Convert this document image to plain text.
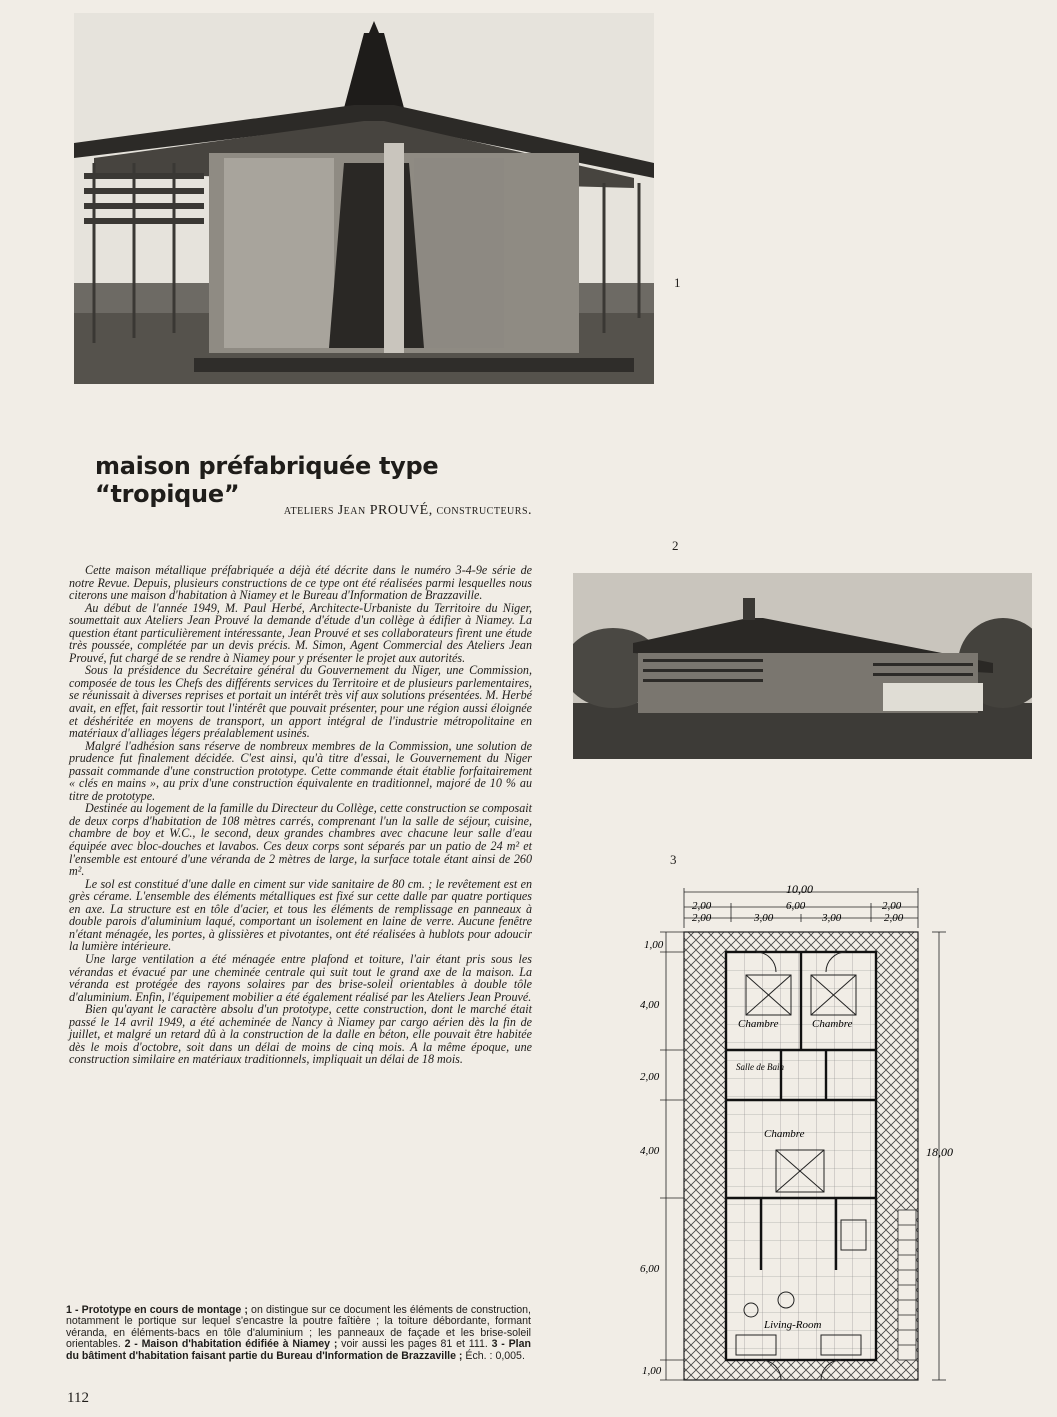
1
maison préfabriquée type “tropique”
ateliers Jean PROUVÉ, constructeurs.
2

Cette maison métallique préfabriquée a déjà été décrite dans le numéro 3-4-9e série de notre Revue. Depuis, plusieurs constructions de ce type ont été réalisées parmi lesquelles nous citerons une maison d'habitation à Niamey et le Bureau d'Information de Brazzaville.

Au début de l'année 1949, M. Paul Herbé, Architecte-Urbaniste du Territoire du Niger, soumettait aux Ateliers Jean Prouvé la demande d'étude d'un collège à édifier à Niamey. La question étant particulièrement intéressante, Jean Prouvé et ses collaborateurs firent une étude très poussée, complétée par un devis précis. M. Simon, Agent Commercial des Ateliers Jean Prouvé, fut chargé de se rendre à Niamey pour y présenter le projet aux autorités.

Sous la présidence du Secrétaire général du Gouvernement du Niger, une Commission, composée de tous les Chefs des différents services du Territoire et de plusieurs parlementaires, se réunissait à diverses reprises et portait un intérêt très vif aux solutions présentées. M. Herbé avait, en effet, fait ressortir tout l'intérêt que pouvait présenter, pour une région aussi éloignée et déshéritée en moyens de transport, un apport intégral de l'industrie métropolitaine en matériaux d'alliages légers préalablement usinés.

Malgré l'adhésion sans réserve de nombreux membres de la Commission, une solution de prudence fut finalement décidée. C'est ainsi, qu'à titre d'essai, le Gouvernement du Niger passait commande d'une construction prototype. Cette commande était établie forfaitairement « clés en mains », au prix d'une construction équivalente en traditionnel, majoré de 10 % au titre de prototype.

Destinée au logement de la famille du Directeur du Collège, cette construction se composait de deux corps d'habitation de 108 mètres carrés, comprenant l'un la salle de séjour, cuisine, chambre de boy et W.C., le second, deux grandes chambres avec chacune leur salle d'eau équipée avec bloc-douches et lavabos. Ces deux corps sont séparés par un patio de 24 m² et l'ensemble est entouré d'une véranda de 2 mètres de large, la surface totale étant ainsi de 260 m².

Le sol est constitué d'une dalle en ciment sur vide sanitaire de 80 cm. ; le revêtement est en grès cérame. L'ensemble des éléments métalliques est fixé sur cette dalle par quatre portiques en axe. La structure est en tôle d'acier, et tous les éléments de remplissage en panneaux à double parois d'aluminium laqué, comportant un isolement en laine de verre. Aucune fenêtre n'étant ménagée, les portes, à glissières et pivotantes, ont été réalisées à hublots pour adoucir la lumière intérieure.

Une large ventilation a été ménagée entre plafond et toiture, l'air étant pris sous les vérandas et évacué par une cheminée centrale qui suit tout le grand axe de la maison. La véranda est protégée des rayons solaires par des brise-soleil orientables à double tôle d'aluminium. Enfin, l'équipement mobilier a été également réalisé par les Ateliers Jean Prouvé.

Bien qu'ayant le caractère absolu d'un prototype, cette construction, dont le marché était passé le 14 avril 1949, a été acheminée de Nancy à Niamey par cargo aérien dès la fin de juillet, et malgré un retard dû à la construction de la dalle en béton, elle pouvait être habitée dès le mois d'octobre, soit dans un délai de moins de cinq mois. A la même époque, une construction similaire en matériaux traditionnels, impliquait un délai de 18 mois.

3
10,00
2,00	6,00	2,00
2,00	3,00	3,00	2,00
Chambre	Chambre
Salle de Bain
Chambre
Living-Room
1,00
4,00
2,00
4,00
6,00
1,00
18,00
1 - Prototype en cours de montage ; on distingue sur ce document les éléments de construction, notamment le portique sur lequel s'encastre la poutre faîtière ; la toiture débordante, formant véranda, en éléments-bacs en tôle d'aluminium ; les panneaux de façade et les brise-soleil orientables. 2 - Maison d'habitation édifiée à Niamey ; voir aussi les pages 81 et 111. 3 - Plan du bâtiment d'habitation faisant partie du Bureau d'Information de Brazzaville ; Éch. : 0,005.
112
